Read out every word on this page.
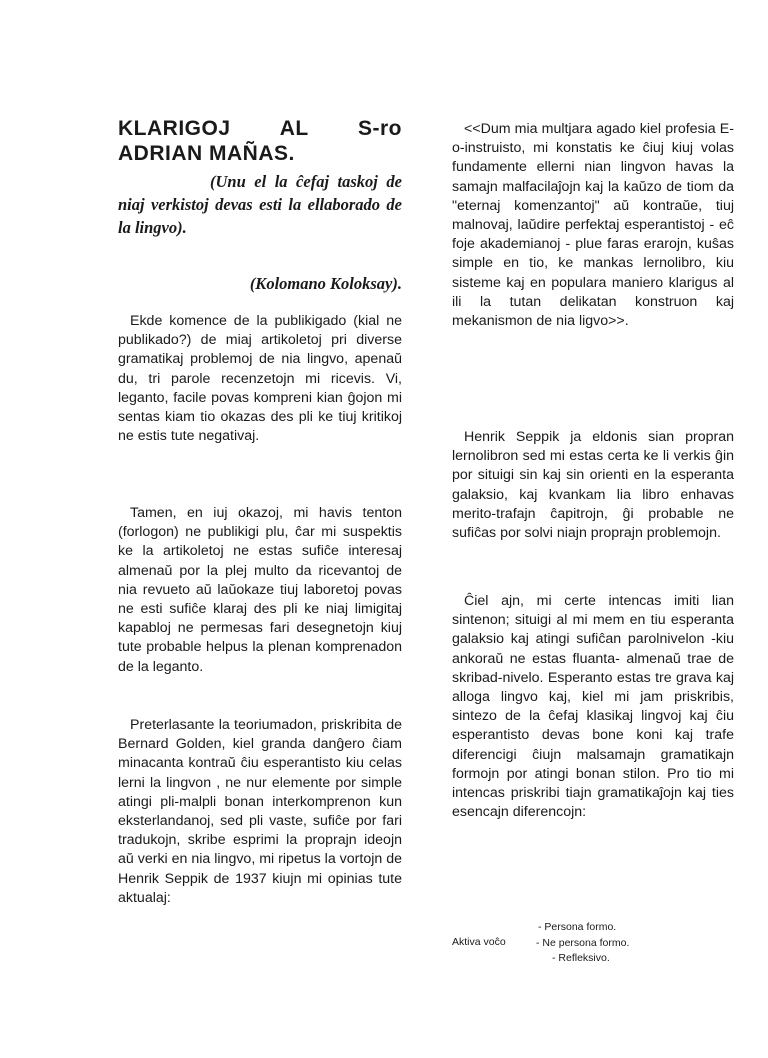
KLARIGOJ AL S-ro
ADRIAN MAÑAS.

(Unu el la ĉefaj taskoj de niaj verkistoj devas esti la ellaborado de la lingvo).

(Kolomano Koloksay).

Ekde komence de la publikigado (kial ne publikado?) de miaj artikoletoj pri diverse gramatikaj problemoj de nia lingvo, apenaŭ du, tri parole recenzetojn mi ricevis. Vi, leganto, facile povas kompreni kian ĝojon mi sentas kiam tio okazas des pli ke tiuj kritikoj ne estis tute negativaj.

Tamen, en iuj okazoj, mi havis tenton (forlogon) ne publikigi plu, ĉar mi suspektis ke la artikoletoj ne estas sufiĉe interesaj almenaŭ por la plej multo da ricevantoj de nia revueto aŭ laŭokaze tiuj laboretoj povas ne esti sufiĉe klaraj des pli ke niaj limigitaj kapabloj ne permesas fari desegnetojn kiuj tute probable helpus la plenan komprenadon de la leganto.

Preterlasante la teoriumadon, priskribita de Bernard Golden, kiel granda danĝero ĉiam minacanta kontraŭ ĉiu esperantisto kiu celas lerni la lingvon , ne nur elemente por simple atingi pli-malpli bonan interkomprenon kun eksterlandanoj, sed pli vaste, sufiĉe por fari tradukojn, skribe esprimi la proprajn ideojn aŭ verki en nia lingvo, mi ripetus la vortojn de Henrik Seppik de 1937 kiujn mi opinias tute aktualaj:

<<Dum mia multjara agado kiel profesia E-o-instruisto, mi konstatis ke ĉiuj kiuj volas fundamente ellerni nian lingvon havas la samajn malfacilaĵojn kaj la kaŭzo de tiom da "eternaj komenzantoj" aŭ kontraŭe, tiuj malnovaj, laŭdire perfektaj esperantistoj - eĉ foje akademianoj - plue faras erarojn, kuŝas simple en tio, ke mankas lernolibro, kiu sisteme kaj en populara maniero klarigus al ili la tutan delikatan konstruon kaj mekanismon de nia ligvo>>.

Henrik Seppik ja eldonis sian propran lernolibron sed mi estas certa ke li verkis ĝin por situigi sin kaj sin orienti en la esperanta galaksio, kaj kvankam lia libro enhavas merito-trafajn ĉapitrojn, ĝi probable ne sufiĉas por solvi niajn proprajn problemojn.

Ĉiel ajn, mi certe intencas imiti lian sintenon; situigi al mi mem en tiu esperanta galaksio kaj atingi sufiĉan parolnivelon -kiu ankoraŭ ne estas fluanta- almenaŭ trae de skribad-nivelo. Esperanto estas tre grava kaj alloga lingvo kaj, kiel mi jam priskribis, sintezo de la ĉefaj klasikaj lingvoj kaj ĉiu esperantisto devas bone koni kaj trafe diferencigi ĉiujn malsamajn gramatikajn formojn por atingi bonan stilon. Pro tio mi intencas priskribi tiajn gramatikaĵojn kaj ties esencajn diferencojn:

Aktiva voĉo
- Persona formo.
- Ne persona formo.
- Refleksivo.
